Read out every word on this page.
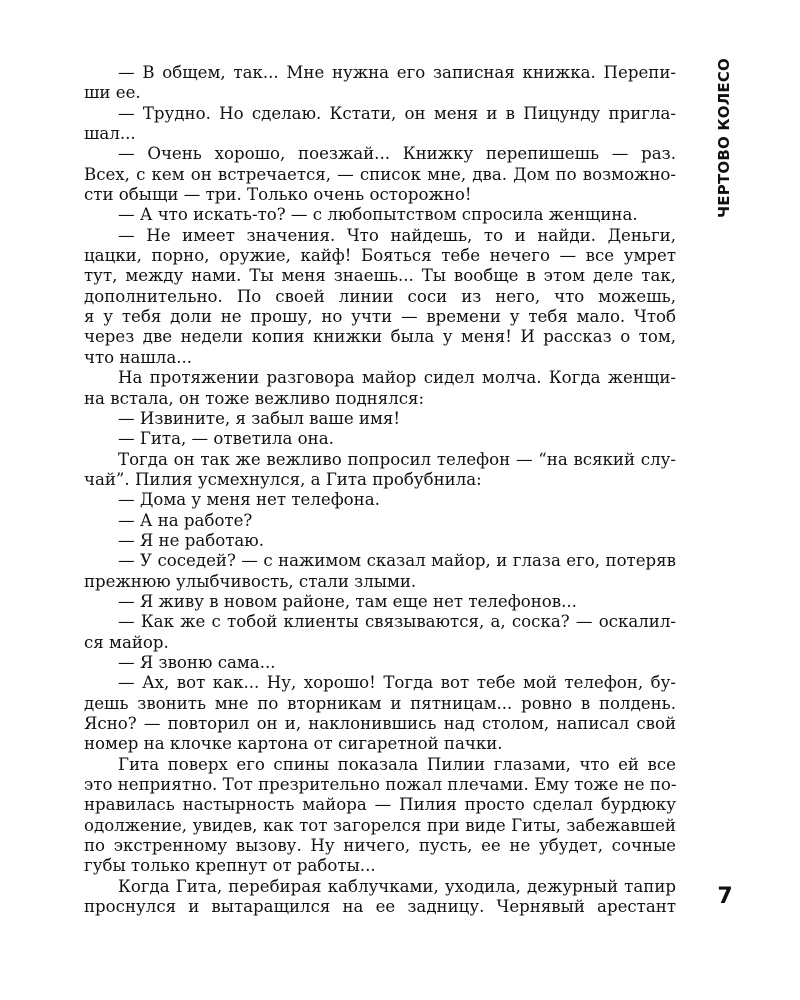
ЧЕРТОВО КОЛЕСО
— В общем, так... Мне нужна его записная книжка. Перепи-
ши ее.
— Трудно. Но сделаю. Кстати, он меня и в Пицунду пригла-
шал...
— Очень хорошо, поезжай... Книжку перепишешь — раз.
Всех, с кем он встречается, — список мне, два. Дом по возможно-
сти обыщи — три. Только очень осторожно!
— А что искать-то? — с любопытством спросила женщина.
— Не имеет значения. Что найдешь, то и найди. Деньги,
цацки, порно, оружие, кайф! Бояться тебе нечего — все умрет
тут, между нами. Ты меня знаешь... Ты вообще в этом деле так,
дополнительно. По своей линии соси из него, что можешь,
я у тебя доли не прошу, но учти — времени у тебя мало. Чтоб
через две недели копия книжки была у меня! И рассказ о том,
что нашла...
На протяжении разговора майор сидел молча. Когда женщи-
на встала, он тоже вежливо поднялся:
— Извините, я забыл ваше имя!
— Гита, — ответила она.
Тогда он так же вежливо попросил телефон — “на всякий слу-
чай”. Пилия усмехнулся, а Гита пробубнила:
— Дома у меня нет телефона.
— А на работе?
— Я не работаю.
— У соседей? — с нажимом сказал майор, и глаза его, потеряв
прежнюю улыбчивость, стали злыми.
— Я живу в новом районе, там еще нет телефонов...
— Как же с тобой клиенты связываются, а, соска? — оскалил-
ся майор.
— Я звоню сама...
— Ах, вот как... Ну, хорошо! Тогда вот тебе мой телефон, бу-
дешь звонить мне по вторникам и пятницам... ровно в полдень.
Ясно? — повторил он и, наклонившись над столом, написал свой
номер на клочке картона от сигаретной пачки.
Гита поверх его спины показала Пилии глазами, что ей все
это неприятно. Тот презрительно пожал плечами. Ему тоже не по-
нравилась настырность майора — Пилия просто сделал бурдюку
одолжение, увидев, как тот загорелся при виде Гиты, забежавшей
по экстренному вызову. Ну ничего, пусть, ее не убудет, сочные
губы только крепнут от работы...
Когда Гита, перебирая каблучками, уходила, дежурный тапир
проснулся и вытаращился на ее задницу. Чернявый арестант 7
